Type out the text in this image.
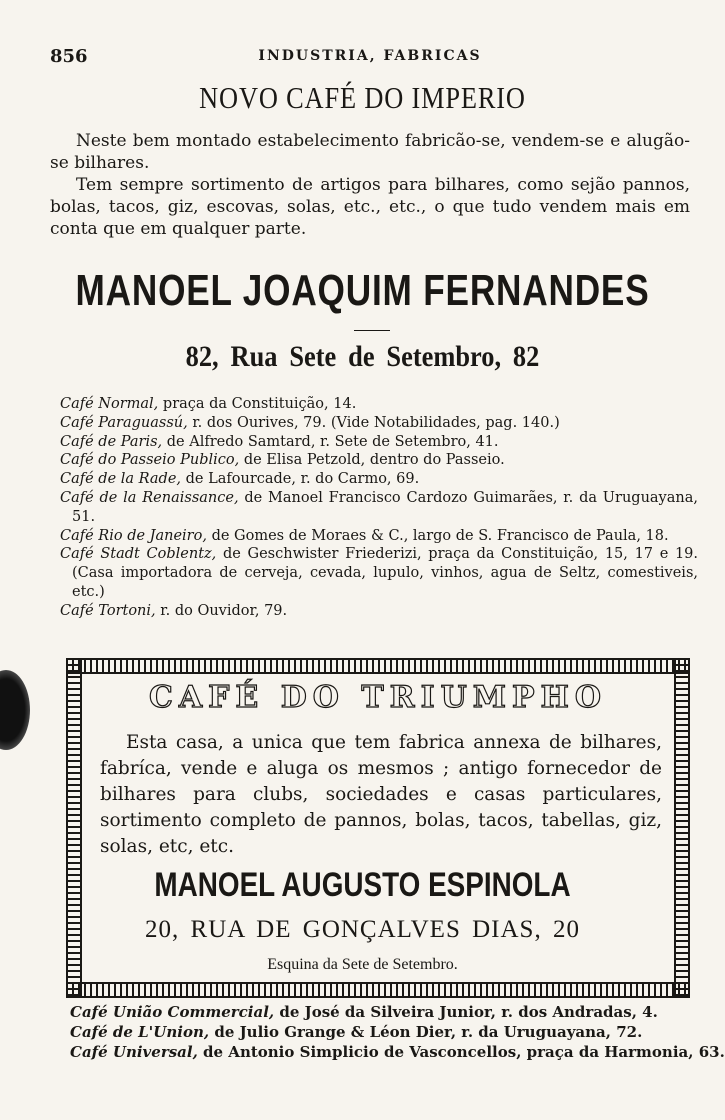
856	INDUSTRIA, FABRICAS
NOVO CAFÉ DO IMPERIO

Neste bem montado estabelecimento fabricão-se, vendem-se e alugão-se bilhares.

Tem sempre sortimento de artigos para bilhares, como sejão pannos, bolas, tacos, giz, escovas, solas, etc., etc., o que tudo vendem mais em conta que em qualquer parte.

MANOEL JOAQUIM FERNANDES
82, Rua Sete de Setembro, 82
Café Normal, praça da Constituição, 14.
Café Paraguassú, r. dos Ourives, 79. (Vide Notabilidades, pag. 140.)
Café de Paris, de Alfredo Samtard, r. Sete de Setembro, 41.
Café do Passeio Publico, de Elisa Petzold, dentro do Passeio.
Café de la Rade, de Lafourcade, r. do Carmo, 69.
Café de la Renaissance, de Manoel Francisco Cardozo Guimarães, r. da Uruguayana, 51.
Café Rio de Janeiro, de Gomes de Moraes & C., largo de S. Francisco de Paula, 18.
Café Stadt Coblentz, de Geschwister Friederizi, praça da Constituição, 15, 17 e 19. (Casa importadora de cerveja, cevada, lupulo, vinhos, agua de Seltz, comestiveis, etc.)
Café Tortoni, r. do Ouvidor, 79.
CAFÉ DO TRIUMPHO

Esta casa, a unica que tem fabrica annexa de bilhares, fabríca, vende e aluga os mesmos ; antigo fornecedor de bilhares para clubs, sociedades e casas particulares, sortimento completo de pannos, bolas, tacos, tabellas, giz, solas, etc, etc.

MANOEL AUGUSTO ESPINOLA
20, RUA DE GONÇALVES DIAS, 20
Esquina da Sete de Setembro.
Café União Commercial, de José da Silveira Junior, r. dos Andradas, 4.
Café de L'Union, de Julio Grange & Léon Dier, r. da Uruguayana, 72.
Café Universal, de Antonio Simplicio de Vasconcellos, praça da Harmonia, 63.
